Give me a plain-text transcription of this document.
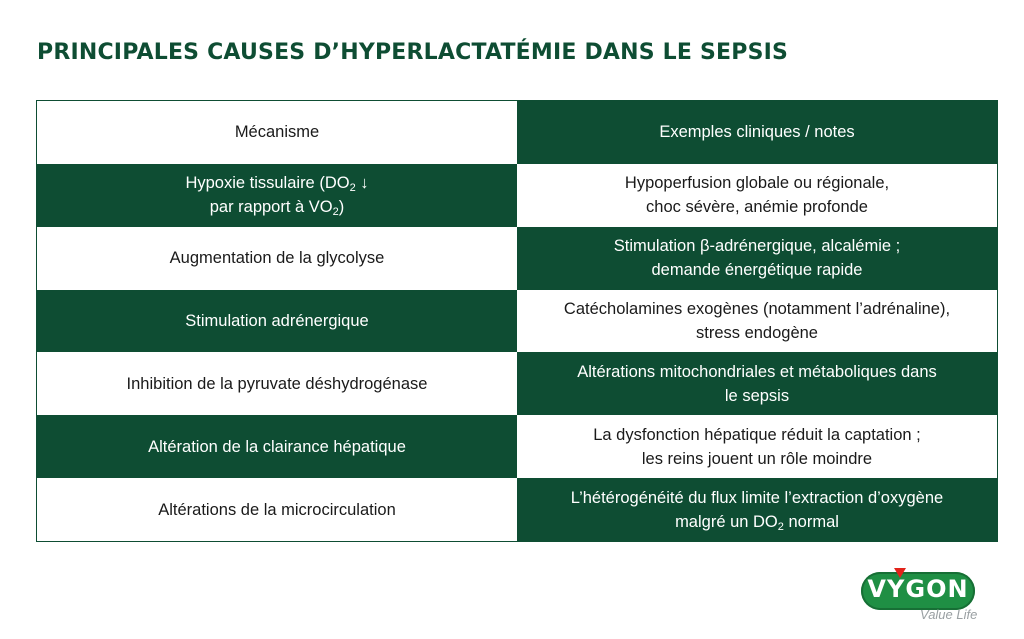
PRINCIPALES CAUSES D’HYPERLACTATÉMIE DANS LE SEPSIS
Mécanisme	Exemples cliniques / notes
Hypoxie tissulaire ($DO_2$ ↓
par rapport à $VO_2$)
Hypoperfusion globale ou régionale,
choc sévère, anémie profonde
Augmentation de la glycolyse
Stimulation β-adrénergique, alcalémie ;
demande énergétique rapide
Stimulation adrénergique
Catécholamines exogènes (notamment l’adrénaline),
stress endogène
Inhibition de la pyruvate déshydrogénase
Altérations mitochondriales et métaboliques dans
le sepsis
Altération de la clairance hépatique
La dysfonction hépatique réduit la captation ;
les reins jouent un rôle moindre
Altérations de la microcirculation
L’hétérogénéité du flux limite l’extraction d’oxygène
malgré un $DO_2$ normal
VYGON
Value Life
